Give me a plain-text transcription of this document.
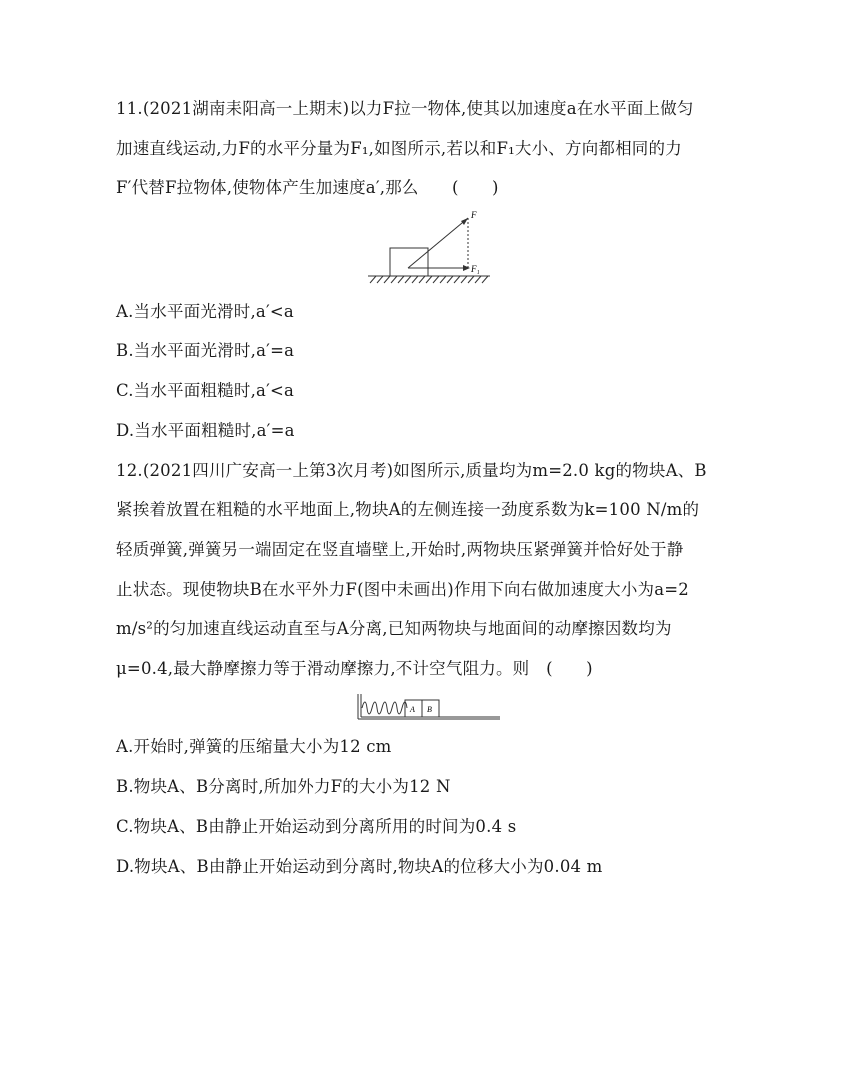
11.(2021湖南耒阳高一上期末)以力F拉一物体,使其以加速度a在水平面上做匀
加速直线运动,力F的水平分量为F₁,如图所示,若以和F₁大小、方向都相同的力
F′代替F拉物体,使物体产生加速度a′,那么　　(　　)
F
F₁
A.当水平面光滑时,a′<a
B.当水平面光滑时,a′=a
C.当水平面粗糙时,a′<a
D.当水平面粗糙时,a′=a
12.(2021四川广安高一上第3次月考)如图所示,质量均为m=2.0 kg的物块A、B
紧挨着放置在粗糙的水平地面上,物块A的左侧连接一劲度系数为k=100 N/m的
轻质弹簧,弹簧另一端固定在竖直墙壁上,开始时,两物块压紧弹簧并恰好处于静
止状态。现使物块B在水平外力F(图中未画出)作用下向右做加速度大小为a=2
m/s²的匀加速直线运动直至与A分离,已知两物块与地面间的动摩擦因数均为
μ=0.4,最大静摩擦力等于滑动摩擦力,不计空气阻力。则　(　　)
A B
A.开始时,弹簧的压缩量大小为12 cm
B.物块A、B分离时,所加外力F的大小为12 N
C.物块A、B由静止开始运动到分离所用的时间为0.4 s
D.物块A、B由静止开始运动到分离时,物块A的位移大小为0.04 m
